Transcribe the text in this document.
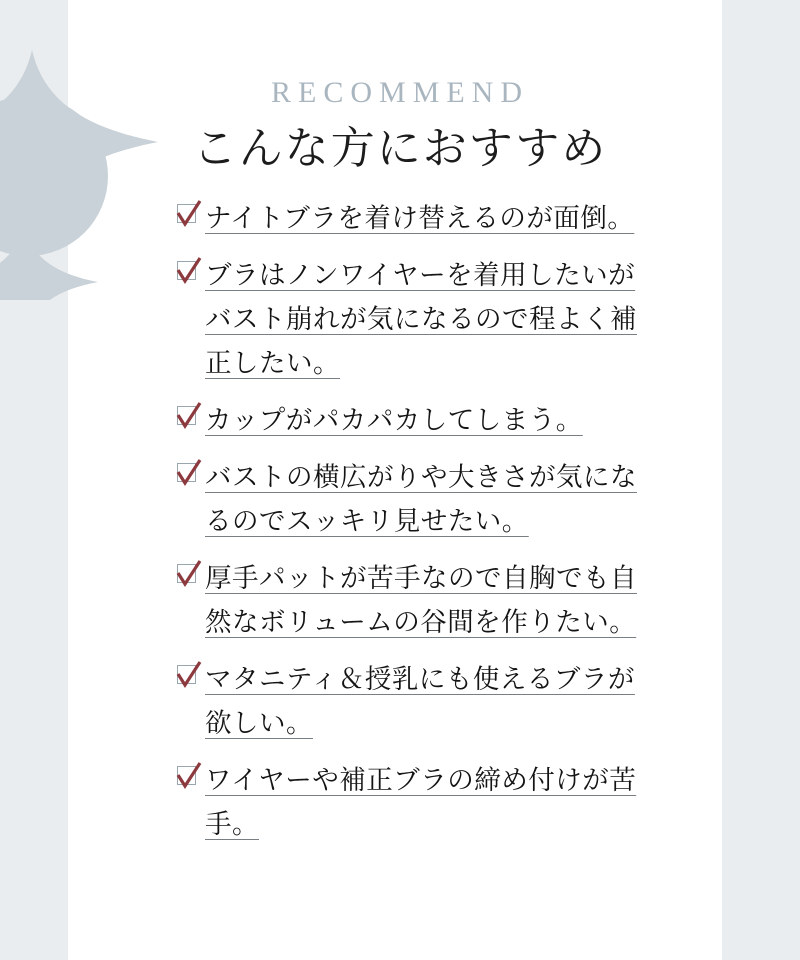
RECOMMEND
こんな方におすすめ
ナイトブラを着け替えるのが面倒。
ブラはノンワイヤーを着用したいがバスト崩れが気になるので程よく補正したい。
カップがパカパカしてしまう。
バストの横広がりや大きさが気になるのでスッキリ見せたい。
厚手パットが苦手なので自胸でも自然なボリュームの谷間を作りたい。
マタニティ＆授乳にも使えるブラが欲しい。
ワイヤーや補正ブラの締め付けが苦手。
